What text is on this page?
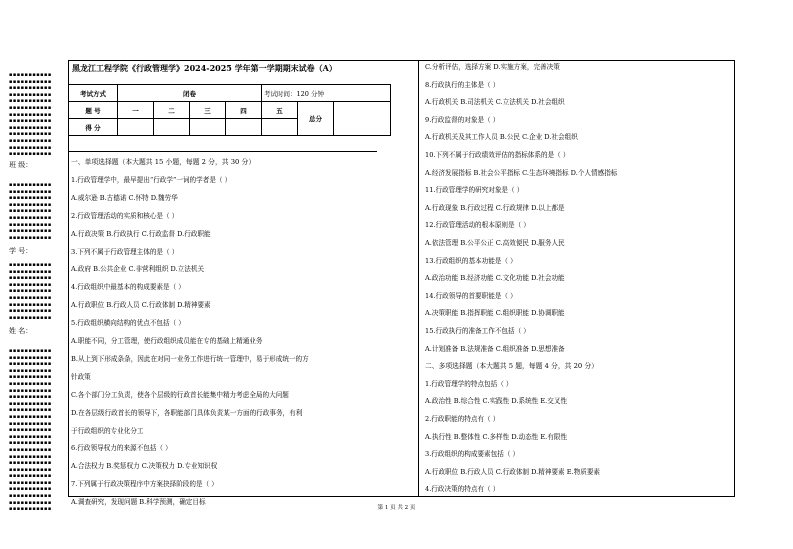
▪▪▪▪▪▪▪▪▪▪▪
▪▪▪▪▪▪▪▪▪▪▪
▪▪▪▪▪▪▪▪▪▪▪
▪▪▪▪▪▪▪▪▪▪▪
▪▪▪▪▪▪▪▪▪▪▪
▪▪▪▪▪▪▪▪▪▪▪
▪▪▪▪▪▪▪▪▪▪▪
▪▪▪▪▪▪▪▪▪▪▪
▪▪▪▪▪▪▪▪▪▪▪
▪▪▪▪▪▪▪▪▪▪▪
▪▪▪▪▪▪▪▪▪▪▪
▪▪▪▪▪▪▪▪▪▪▪
▪▪▪▪▪▪▪▪▪▪▪
班 级：
▪▪▪▪▪▪▪▪▪▪▪
▪▪▪▪▪▪▪▪▪▪▪
▪▪▪▪▪▪▪▪▪▪▪
▪▪▪▪▪▪▪▪▪▪▪
▪▪▪▪▪▪▪▪▪▪▪
▪▪▪▪▪▪▪▪▪▪▪
▪▪▪▪▪▪▪▪▪▪▪
▪▪▪▪▪▪▪▪▪▪▪
▪▪▪▪▪▪▪▪▪▪▪
学 号：
▪▪▪▪▪▪▪▪▪▪▪
▪▪▪▪▪▪▪▪▪▪▪
▪▪▪▪▪▪▪▪▪▪▪
▪▪▪▪▪▪▪▪▪▪▪
▪▪▪▪▪▪▪▪▪▪▪
▪▪▪▪▪▪▪▪▪▪▪
▪▪▪▪▪▪▪▪▪▪▪
▪▪▪▪▪▪▪▪▪▪▪
▪▪▪▪▪▪▪▪▪▪▪
姓 名：
▪▪▪▪▪▪▪▪▪▪▪
▪▪▪▪▪▪▪▪▪▪▪
▪▪▪▪▪▪▪▪▪▪▪
▪▪▪▪▪▪▪▪▪▪▪
▪▪▪▪▪▪▪▪▪▪▪
▪▪▪▪▪▪▪▪▪▪▪
▪▪▪▪▪▪▪▪▪▪▪
▪▪▪▪▪▪▪▪▪▪▪
▪▪▪▪▪▪▪▪▪▪▪
▪▪▪▪▪▪▪▪▪▪▪
▪▪▪▪▪▪▪▪▪▪▪
▪▪▪▪▪▪▪▪▪▪▪
▪▪▪▪▪▪▪▪▪▪▪
▪▪▪▪▪▪▪▪▪▪▪
▪▪▪▪▪▪▪▪▪▪▪
▪▪▪▪▪▪▪▪▪▪▪
▪▪▪▪▪▪▪▪▪▪▪
▪▪▪▪▪▪▪▪▪▪▪
▪▪▪▪▪▪▪▪▪▪▪
▪▪▪▪▪▪▪▪▪▪▪
▪▪▪▪▪▪▪▪▪▪▪
▪▪▪▪▪▪▪▪▪▪▪
▪▪▪▪▪▪▪▪▪▪▪
▪▪▪▪▪▪▪▪▪▪▪
▪▪▪▪▪▪▪▪▪▪▪
黑龙江工程学院《行政管理学》2024-2025 学年第一学期期末试卷（A）
考试方式	闭卷				考试时间：120 分钟		
题 号	一	二	三	四	五	总分	
得 分							
一、单项选择题（本大题共 15 小题，每题 2 分，共 30 分）
1.行政管理学中，最早提出“行政学”一词的学者是（ ）
A.威尔逊 B.古德诺 C.怀特 D.魏劳华
2.行政管理活动的实质和核心是（ ）
A.行政决策 B.行政执行 C.行政监督 D.行政职能
3.下列不属于行政管理主体的是（ ）
A.政府 B.公共企业 C.非营利组织 D.立法机关
4.行政组织中最基本的构成要素是（ ）
A.行政职位 B.行政人员 C.行政体制 D.精神要素
5.行政组织横向结构的优点不包括（ ）
A.职能不同，分工管理，使行政组织成员能在专的基础上精通业务
B.从上到下形成条条，因此在对同一业务工作进行统一管理中，易于形成统一的方
针政策
C.各个部门分工负责，使各个层级的行政首长能集中精力考虑全局的大问题
D.在各层级行政首长的领导下，各职能部门具体负责某一方面的行政事务，有利
于行政组织的专业化分工
6.行政领导权力的来源不包括（ ）
A.合法权力 B.奖惩权力 C.决策权力 D.专业知识权
7.下列属于行政决策程序中方案抉择阶段的是（ ）
A.调查研究，发现问题 B.科学预测，确定目标
C.分析评估，选择方案 D.实施方案，完善决策
8.行政执行的主体是（ ）
A.行政机关 B.司法机关 C.立法机关 D.社会组织
9.行政监督的对象是（ ）
A.行政机关及其工作人员 B.公民 C.企业 D.社会组织
10.下列不属于行政绩效评估的指标体系的是（ ）
A.经济发展指标 B.社会公平指标 C.生态环境指标 D.个人情感指标
11.行政管理学的研究对象是（ ）
A.行政现象 B.行政过程 C.行政规律 D.以上都是
12.行政管理活动的根本原则是（ ）
A.依法管理 B.公平公正 C.高效便民 D.服务人民
13.行政组织的基本功能是（ ）
A.政治功能 B.经济功能 C.文化功能 D.社会功能
14.行政领导的首要职能是（ ）
A.决策职能 B.指挥职能 C.组织职能 D.协调职能
15.行政执行的准备工作不包括（ ）
A.计划准备 B.法规准备 C.组织准备 D.思想准备
二、多项选择题（本大题共 5 题，每题 4 分，共 20 分）
1.行政管理学的特点包括（ ）
A.政治性 B.综合性 C.实践性 D.系统性 E.交叉性
2.行政职能的特点有（ ）
A.执行性 B.整体性 C.多样性 D.动态性 E.有限性
3.行政组织的构成要素包括（ ）
A.行政职位 B.行政人员 C.行政体制 D.精神要素 E.物质要素
4.行政决策的特点有（ ）
第 1 页 共 2 页
